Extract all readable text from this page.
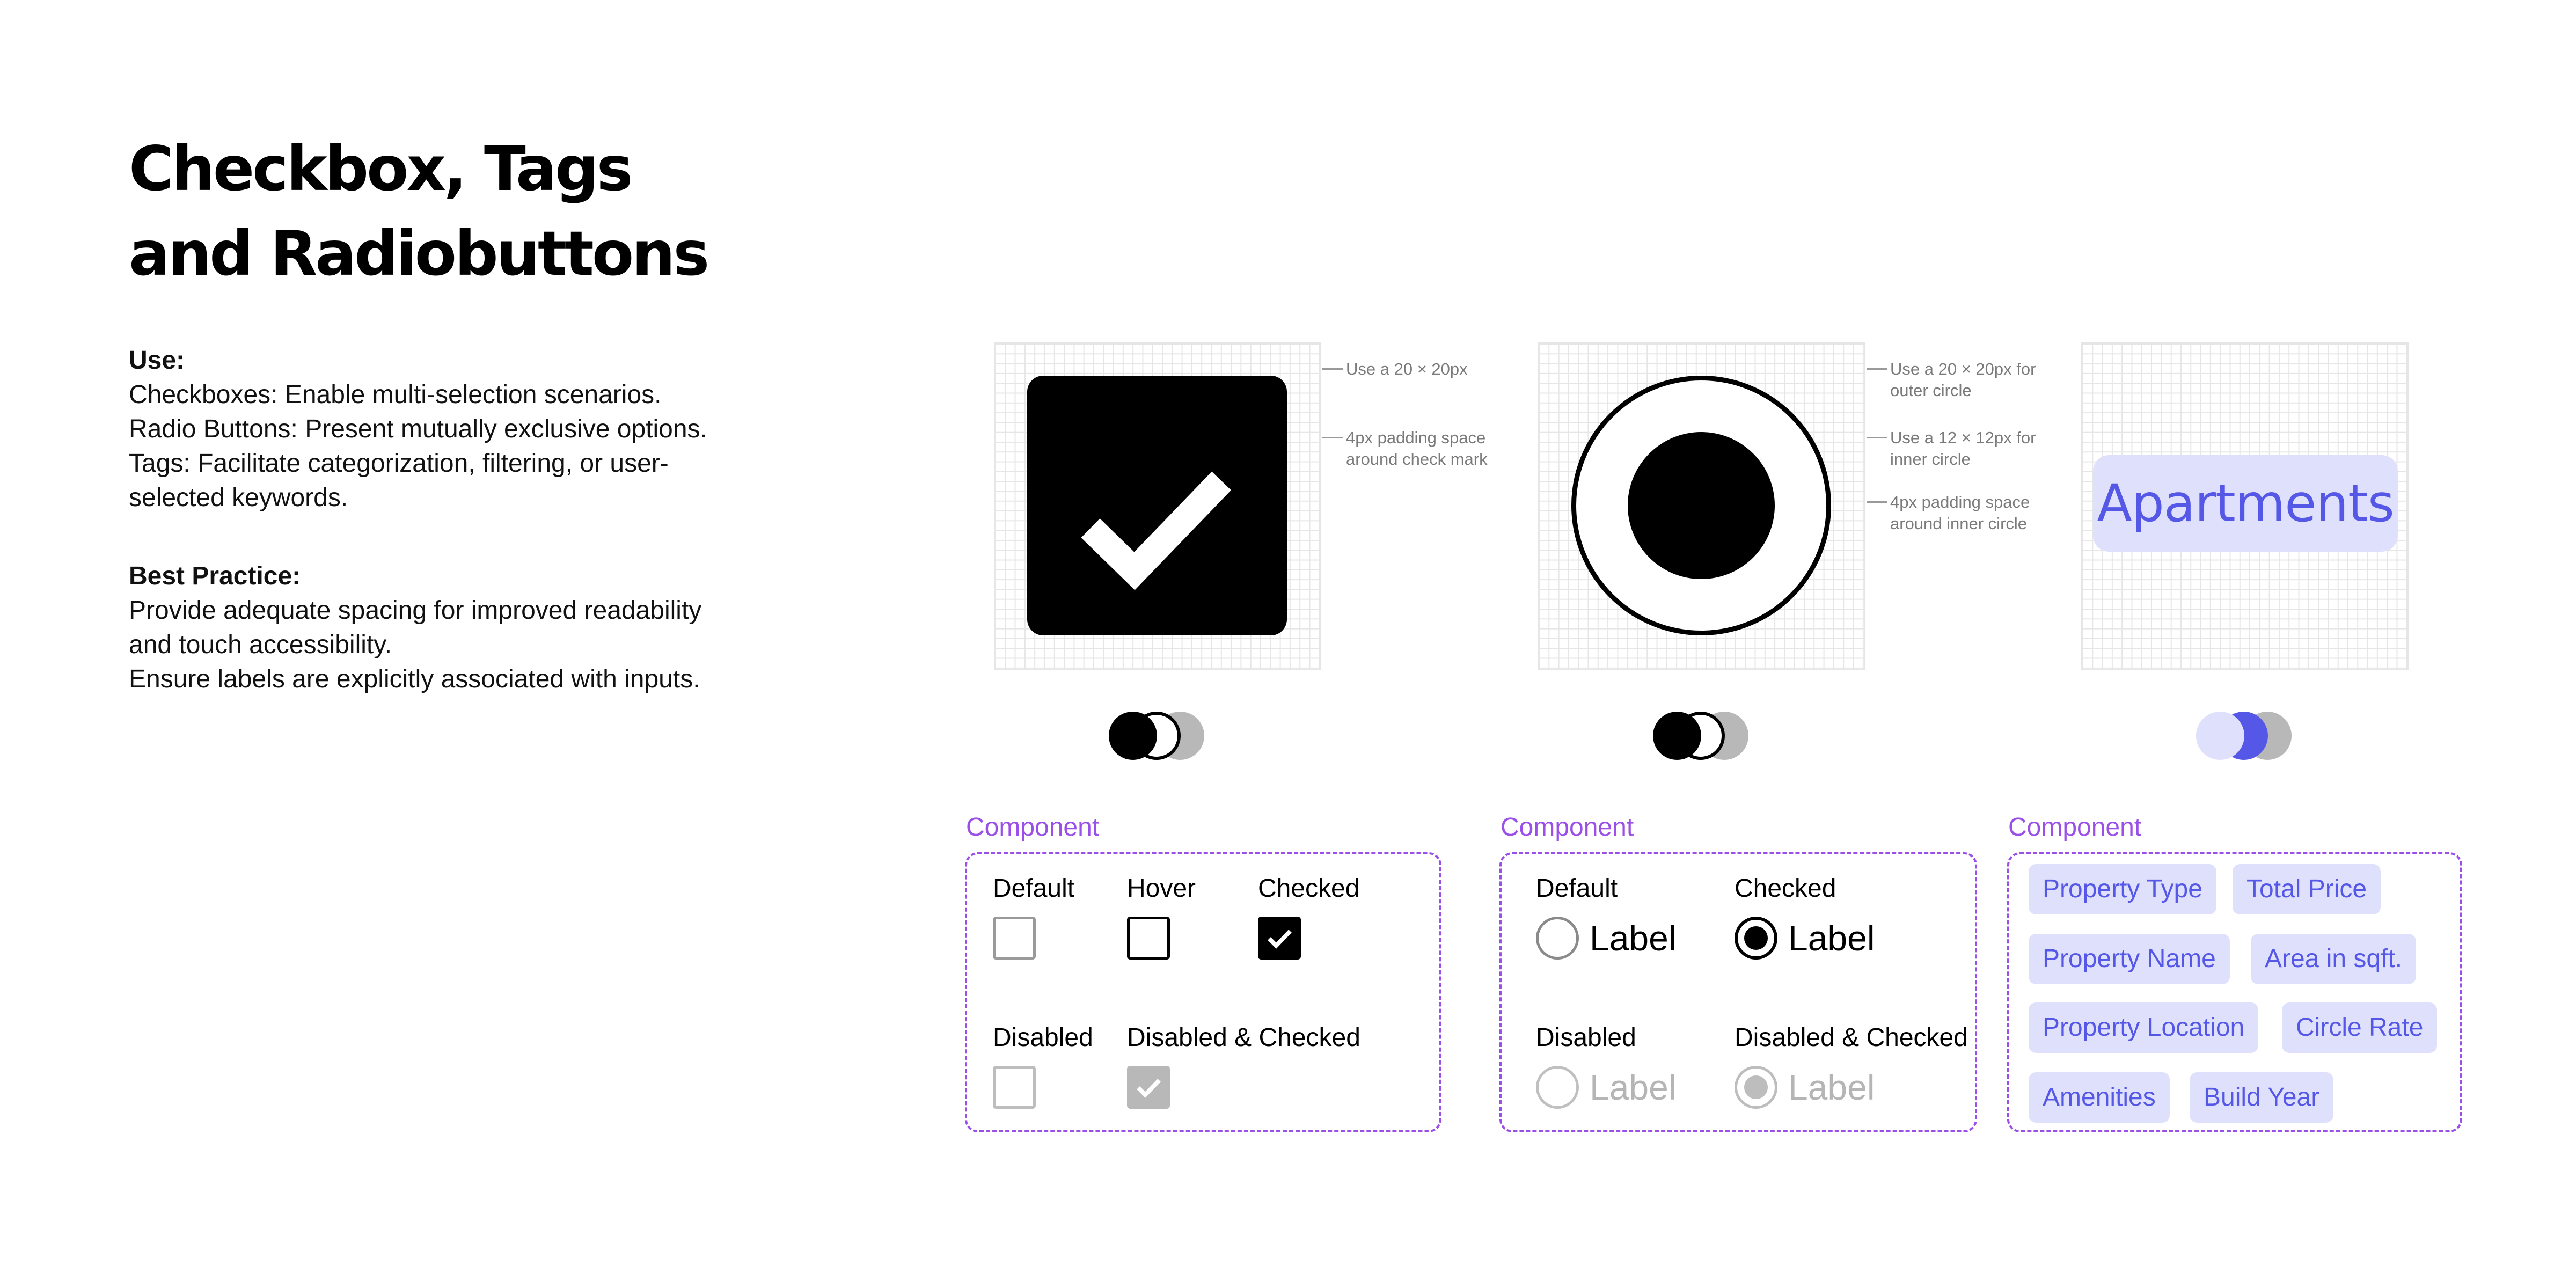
Checkbox, Tags
and Radiobuttons
Use:
Checkboxes: Enable multi-selection scenarios.
Radio Buttons: Present mutually exclusive options.
Tags: Facilitate categorization, filtering, or user-
selected keywords.
Best Practice:
Provide adequate spacing for improved readability
and touch accessibility.
Ensure labels are explicitly associated with inputs.
Apartments
Use a 20 × 20px
4px padding space
around check mark
Use a 20 × 20px for
outer circle
Use a 12 × 12px for
inner circle
4px padding space
around inner circle
Component
Default Hover Checked
Disabled Disabled & Checked
Component
Default
Label
Checked
Label
Disabled
Label
Disabled & Checked
Label
Component
Property Type	Total Price
Property Name	Area in sqft.
Property Location	Circle Rate
Amenities	Build Year
